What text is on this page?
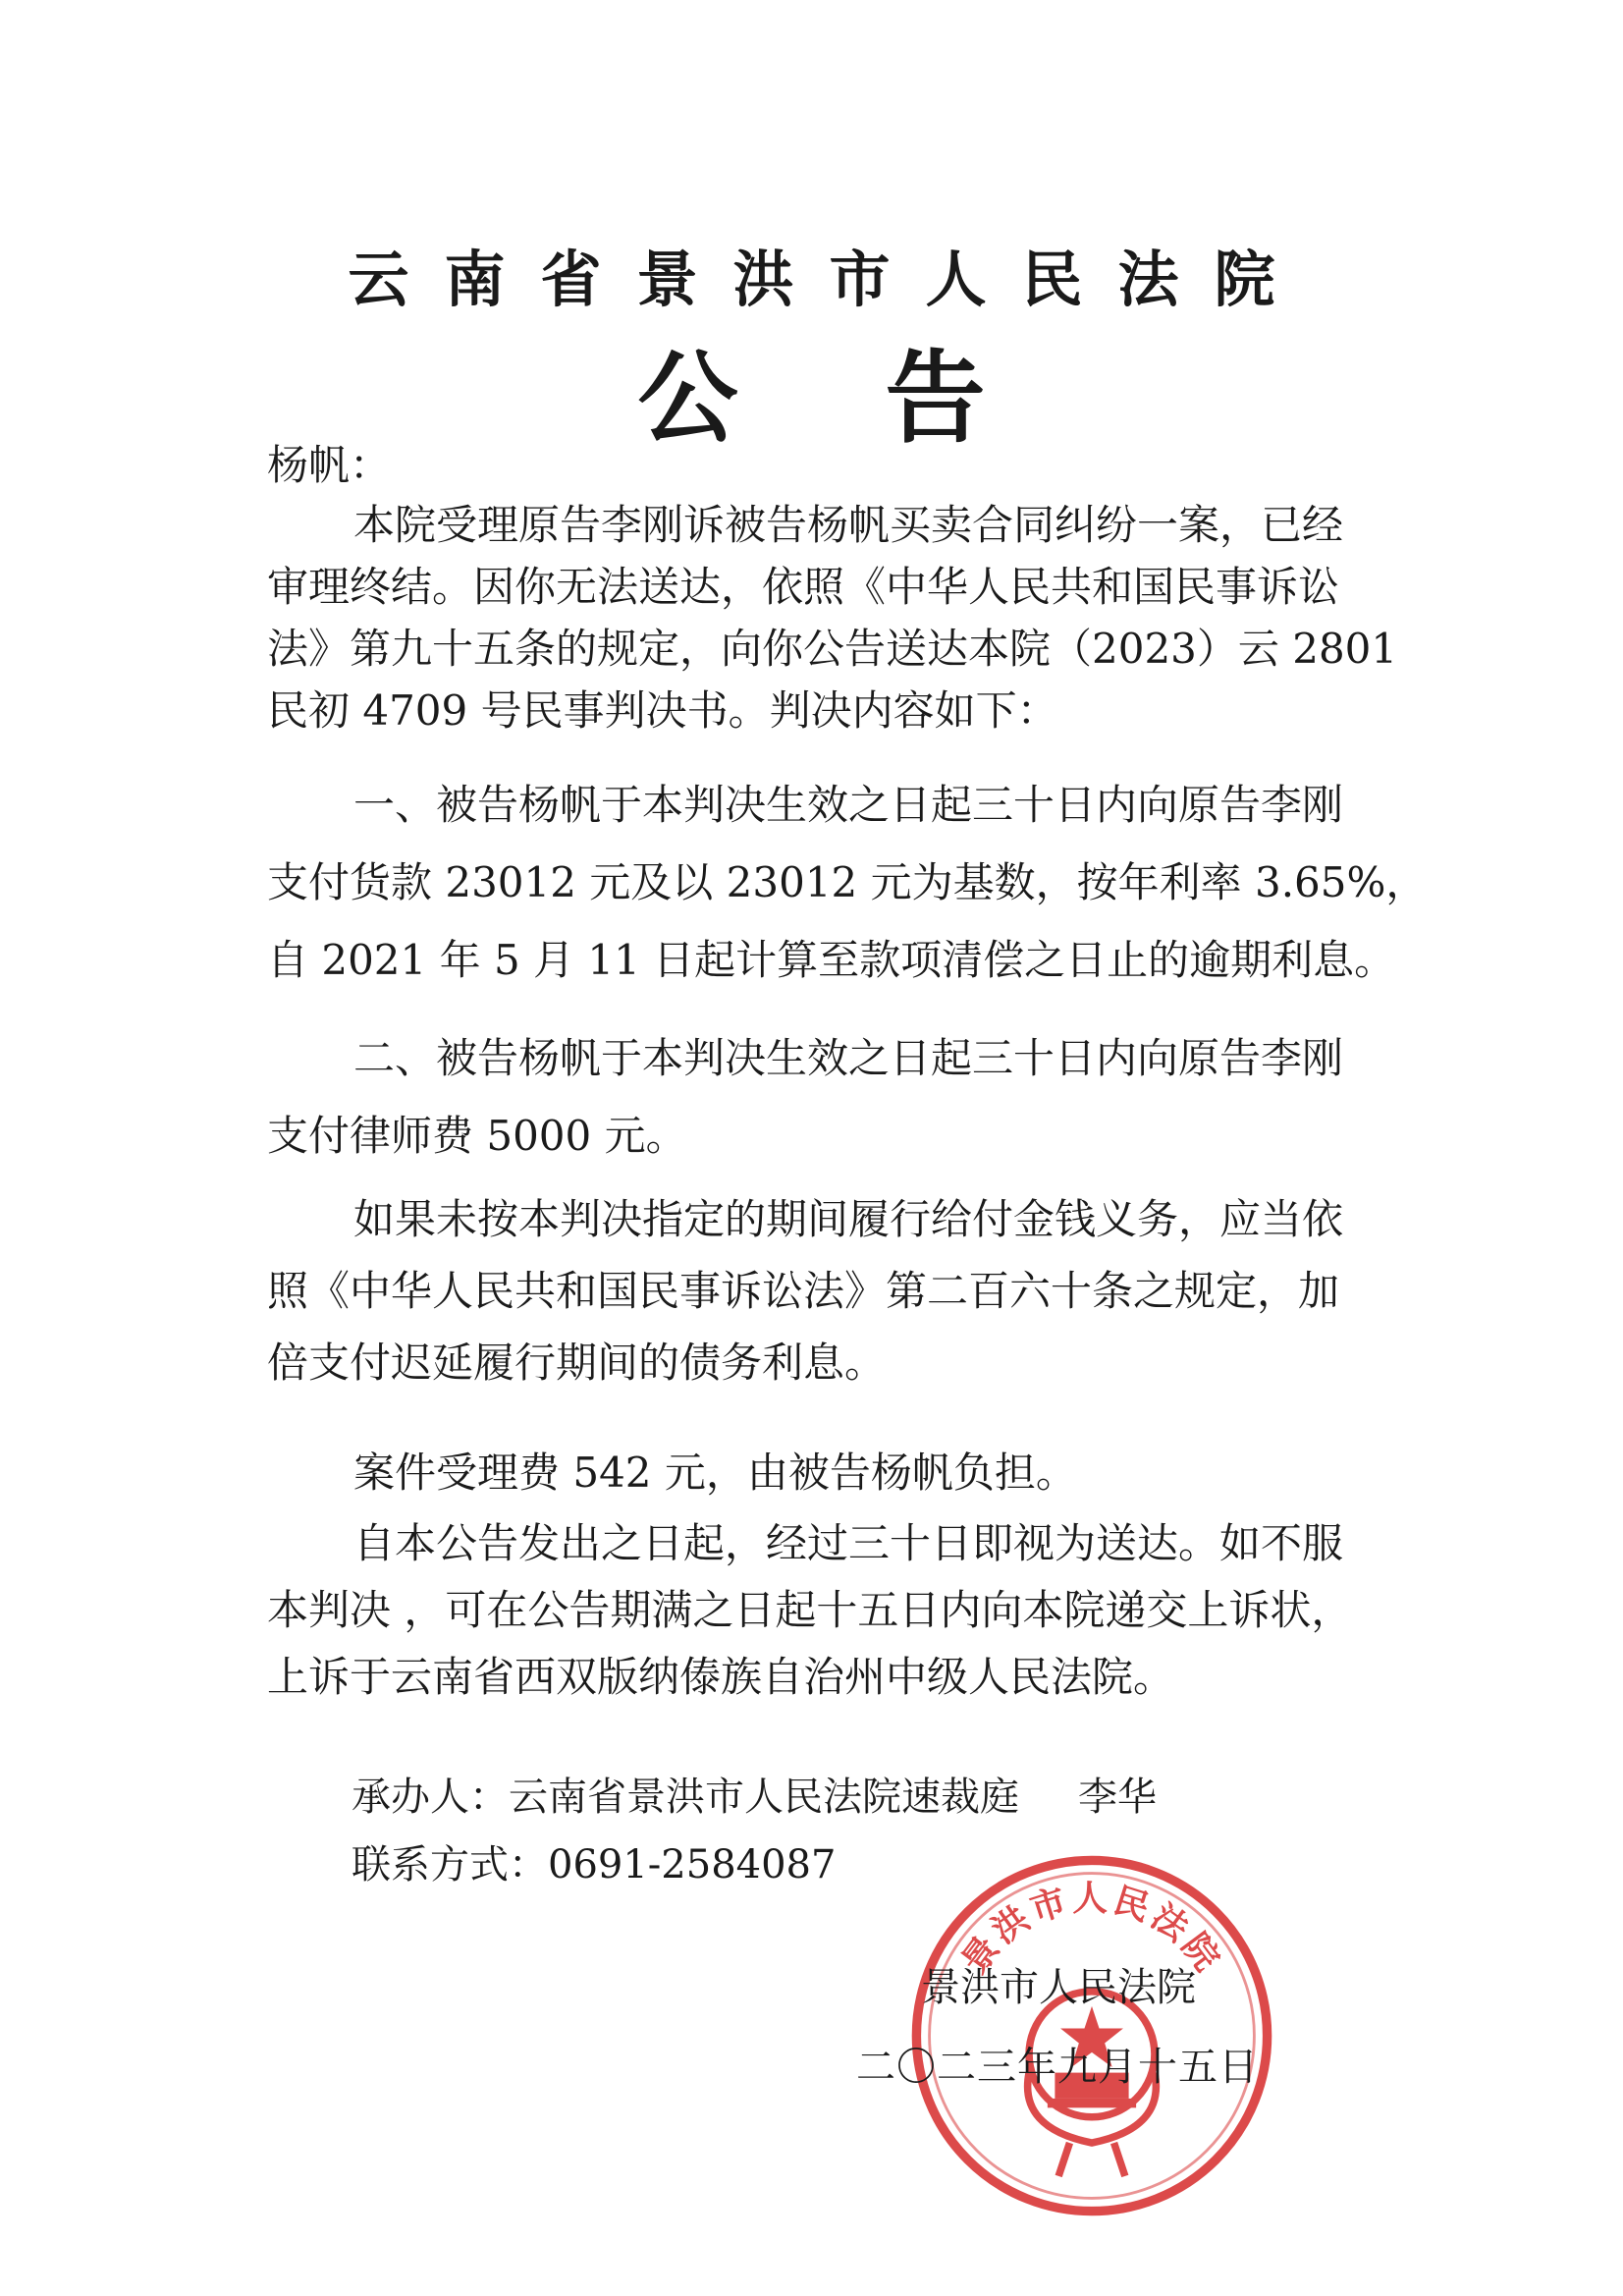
云南省景洪市人民法院
公告
杨帆：
本院受理原告李刚诉被告杨帆买卖合同纠纷一案，已经
审理终结。因你无法送达，依照《中华人民共和国民事诉讼
法》第九十五条的规定，向你公告送达本院（2023）云 2801
民初 4709 号民事判决书。判决内容如下：
一、被告杨帆于本判决生效之日起三十日内向原告李刚
支付货款 23012 元及以 23012 元为基数，按年利率 3.65%，
自 2021 年 5 月 11 日起计算至款项清偿之日止的逾期利息。
二、被告杨帆于本判决生效之日起三十日内向原告李刚
支付律师费 5000 元。
如果未按本判决指定的期间履行给付金钱义务，应当依
照《中华人民共和国民事诉讼法》第二百六十条之规定，加
倍支付迟延履行期间的债务利息。
案件受理费 542 元，由被告杨帆负担。
自本公告发出之日起，经过三十日即视为送达。如不服
本判决 ，可在公告期满之日起十五日内向本院递交上诉状，
上诉于云南省西双版纳傣族自治州中级人民法院。
承办人：云南省景洪市人民法院速裁庭 李华
联系方式：0691-2584087
景洪市人民法院
景洪市人民法院
二〇二三年九月十五日
